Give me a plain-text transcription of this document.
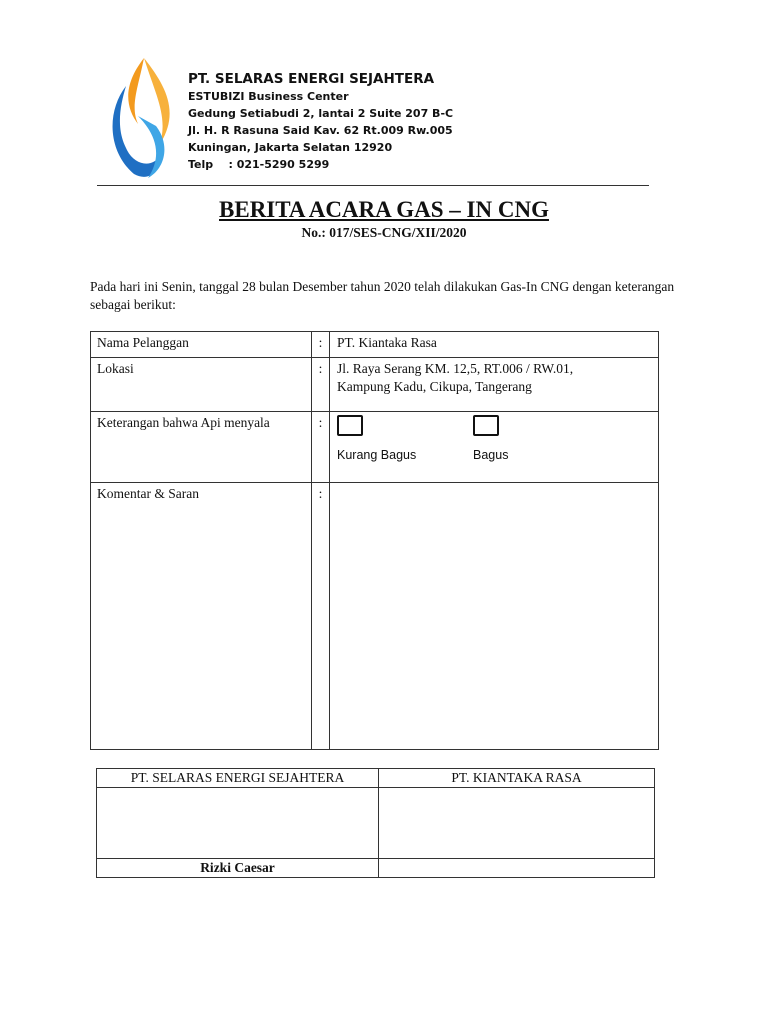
PT. SELARAS ENERGI SEJAHTERA
ESTUBIZI Business Center
Gedung Setiabudi 2, lantai 2 Suite 207 B-C
Jl. H. R Rasuna Said Kav. 62 Rt.009 Rw.005
Kuningan, Jakarta Selatan 12920
Telp    : 021-5290 5299
BERITA ACARA GAS – IN CNG
No.: 017/SES-CNG/XII/2020
Pada hari ini Senin, tanggal 28 bulan Desember tahun 2020 telah dilakukan Gas-In CNG dengan keterangan sebagai berikut:
Nama Pelanggan	:	PT. Kiantaka Rasa

Lokasi	:	Jl. Raya Serang KM. 12,5, RT.006 / RW.01,
Kampung Kadu, Cikupa, Tangerang

Keterangan bahwa Api menyala	:	Kurang Bagus Bagus

Komentar & Saran	:	

PT. SELARAS ENERGI SEJAHTERA	PT. KIANTAKA RASA

Rizki Caesar	
